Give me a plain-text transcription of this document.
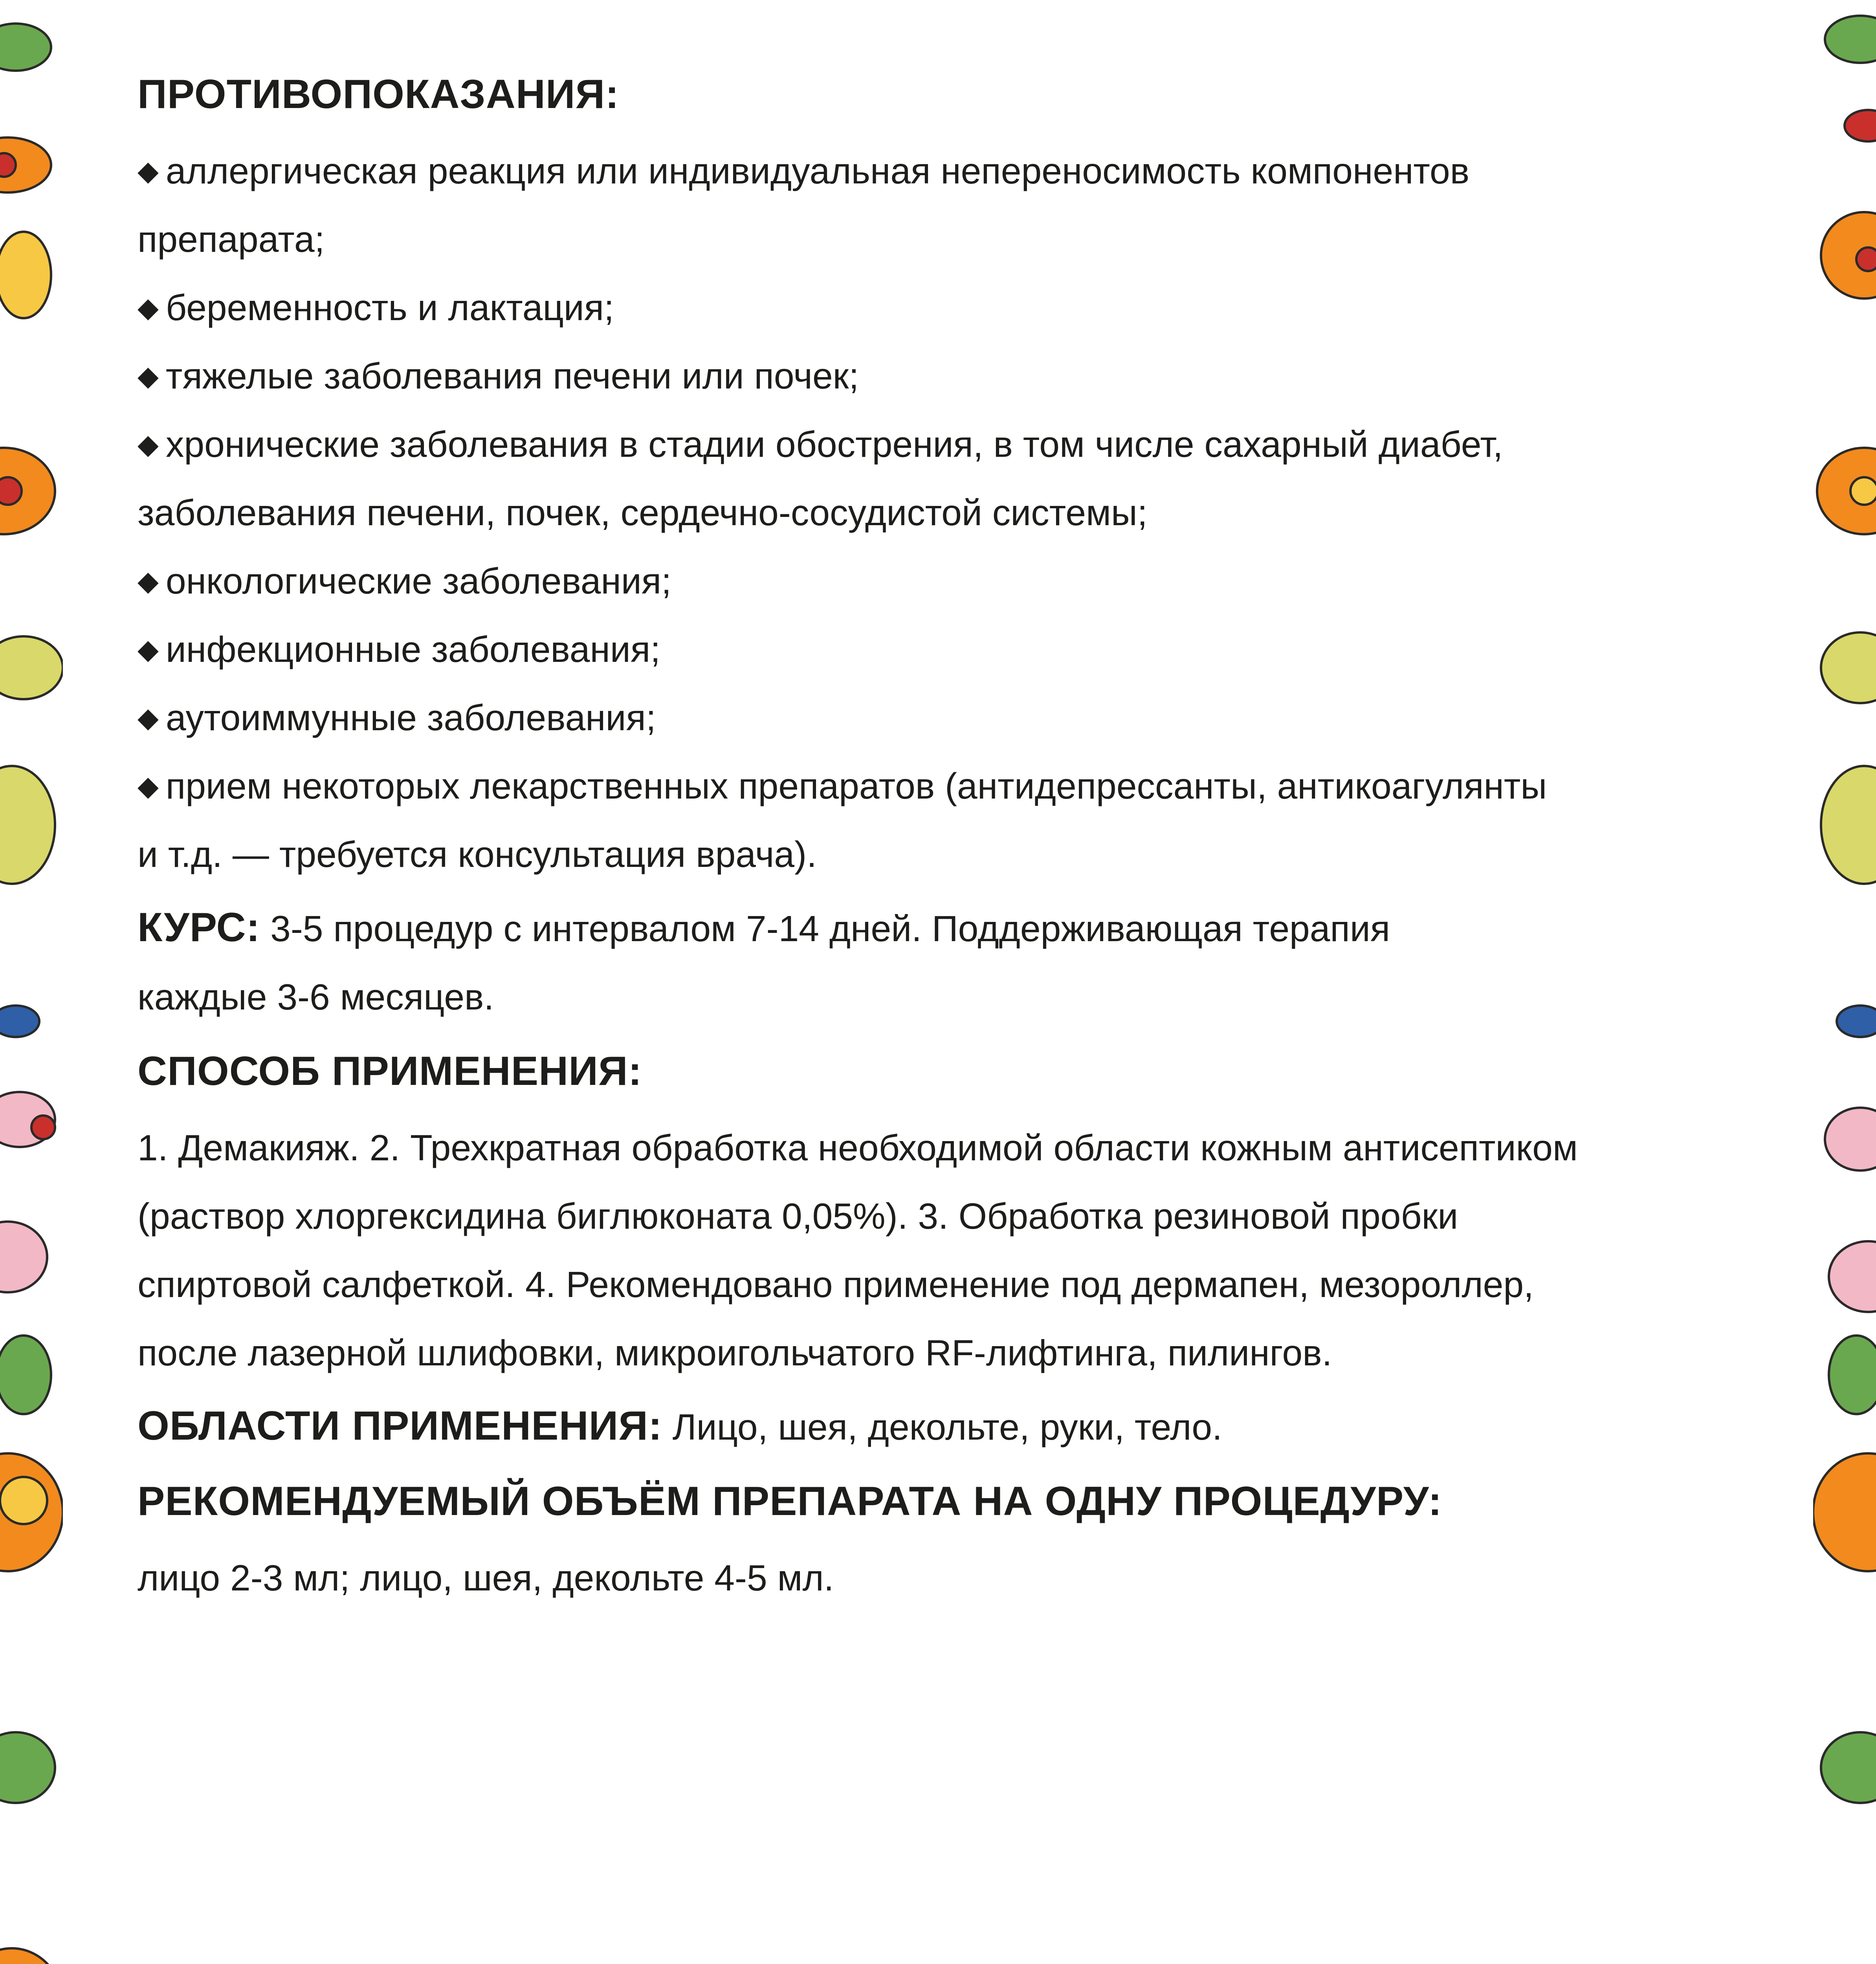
ПРОТИВОПОКАЗАНИЯ:

◆ аллергическая реакция или индивидуальная непереносимость компонентов

препарата;

◆ беременность и лактация;

◆ тяжелые заболевания печени или почек;

◆ хронические заболевания в стадии обострения, в том числе сахарный диабет,

заболевания печени, почек, сердечно-сосудистой системы;

◆ онкологические заболевания;

◆ инфекционные заболевания;

◆ аутоиммунные заболевания;

◆ прием некоторых лекарственных препаратов (антидепрессанты, антикоагулянты

и т.д. — требуется консультация врача).

КУРС: 3-5 процедур с интервалом 7-14 дней. Поддерживающая терапия

каждые 3-6 месяцев.

СПОСОБ ПРИМЕНЕНИЯ:

1. Демакияж. 2. Трехкратная обработка необходимой области кожным антисептиком

(раствор хлоргексидина биглюконата 0,05%). 3. Обработка резиновой пробки

спиртовой салфеткой. 4. Рекомендовано применение под дермапен, мезороллер,

после лазерной шлифовки, микроигольчатого RF-лифтинга, пилингов.

ОБЛАСТИ ПРИМЕНЕНИЯ: Лицо, шея, декольте, руки, тело.

РЕКОМЕНДУЕМЫЙ ОБЪЁМ ПРЕПАРАТА НА ОДНУ ПРОЦЕДУРУ:

лицо 2-3 мл; лицо, шея, декольте 4-5 мл.
